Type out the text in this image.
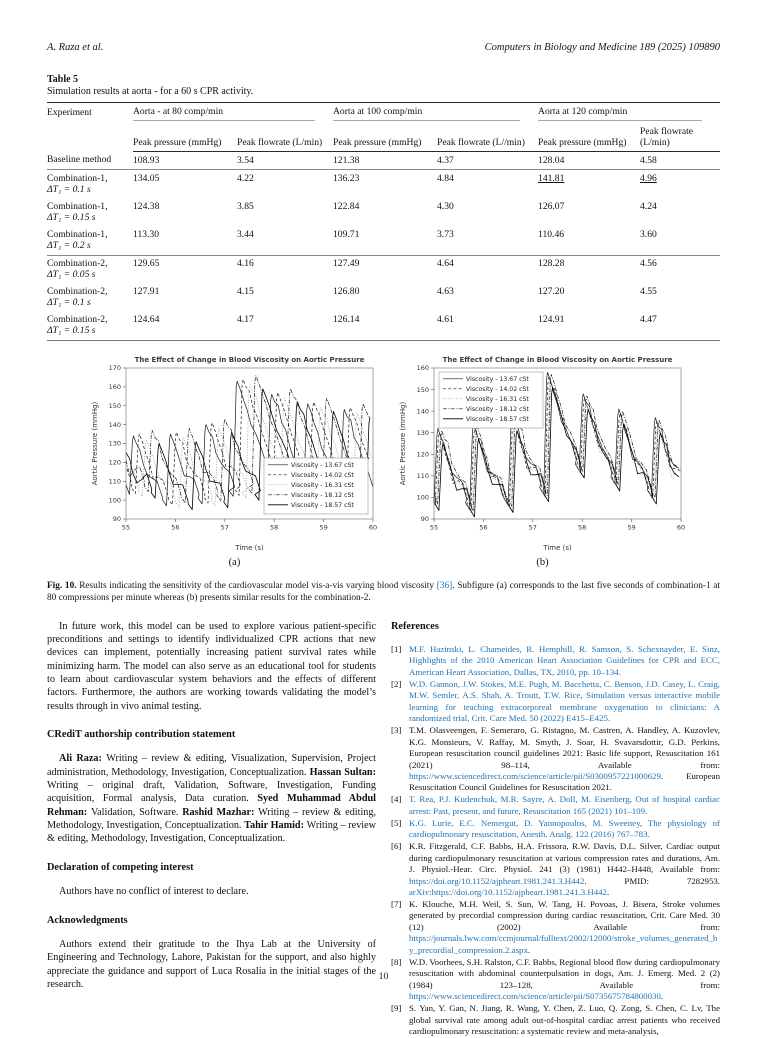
A. Raza et al.	Computers in Biology and Medicine 189 (2025) 109890
Table 5
Simulation results at aorta - for a 60 s CPR activity.
Experiment	Aorta - at 80 comp/min		Aorta at 100 comp/min		Aorta at 120 comp/min	

	Peak pressure (mmHg)	Peak flowrate (L/min)	Peak pressure (mmHg)	Peak flowrate (L//min)	Peak pressure (mmHg)	Peak flowrate (L/min)

Baseline method	108.93	3.54	121.38	4.37	128.04	4.58

Combination-1,
ΔT₁ = 0.1 s	134.05	4.22	136.23	4.84	141.81	4.96

Combination-1,
ΔT₁ = 0.15 s	124.38	3.85	122.84	4.30	126.07	4.24

Combination-1,
ΔT₁ = 0.2 s	113.30	3.44	109.71	3.73	110.46	3.60

Combination-2,
ΔT₁ = 0.05 s	129.65	4.16	127.49	4.64	128.28	4.56

Combination-2,
ΔT₁ = 0.1 s	127.91	4.15	126.80	4.63	127.20	4.55

Combination-2,
ΔT₁ = 0.15 s	124.64	4.17	126.14	4.61	124.91	4.47
55	56	57	58	59	60
90
100
110
120
130
140
150
160
170
The Effect of Change in Blood Viscosity on Aortic Pressure
Time (s)
Aortic Pressure (mmHg)	Viscosity - 13.67 cSt
Viscosity - 14.02 cSt
Viscosity - 16.31 cSt
Viscosity - 18.12 cSt
Viscosity - 18.57 cSt
(a)
55	56	57	58	59	60
90
100
110
120
130
140
150
160
The Effect of Change in Blood Viscosity on Aortic Pressure
Time (s)
Aortic Pressure (mmHg)
Viscosity - 13.67 cSt
Viscosity - 14.02 cSt
Viscosity - 16.31 cSt
Viscosity - 18.12 cSt
Viscosity - 18.57 cSt
(b)
Fig. 10. Results indicating the sensitivity of the cardiovascular model vis-a-vis varying blood viscosity [36]. Subfigure (a) corresponds to the last five seconds of combination-1 at 80 compressions per minute whereas (b) presents similar results for the combination-2.

In future work, this model can be used to explore various patient-specific preconditions and settings to identify individualized CPR actions that new devices can implement, potentially increasing patient survival rates while minimizing harm. The model can also serve as an educational tool for students to learn about cardiovascular system behaviors and the effects of different factors. Furthermore, the authors are working towards validating the model’s results through in vivo animal testing.

CRediT authorship contribution statement

Ali Raza: Writing – review & editing, Visualization, Supervision, Project administration, Methodology, Investigation, Conceptualization. Hassan Sultan: Writing – original draft, Validation, Software, Investigation, Funding acquisition, Formal analysis, Data curation. Syed Muhammad Abdul Rehman: Validation, Software. Rashid Mazhar: Writing – review & editing, Methodology, Investigation, Conceptualization. Tahir Hamid: Writing – review & editing, Methodology, Investigation, Conceptualization.

Declaration of competing interest

Authors have no conflict of interest to declare.

Acknowledgments

Authors extend their gratitude to the Ihya Lab at the University of Engineering and Technology, Lahore, Pakistan for the support, and also highly appreciate the guidance and support of Luca Rosalia in the initial stages of the research.

References
[1] M.F. Hazinski, L. Chameides, R. Hemphill, R. Samson, S. Schexnayder, E. Sinz, Highlights of the 2010 American Heart Association Guidelines for CPR and ECC, American Heart Association, Dallas, TX, 2010, pp. 10–134.
[2] W.D. Gannon, J.W. Stokes, M.E. Pugh, M. Bacchetta, C. Benson, J.D. Casey, L. Craig, M.W. Semler, A.S. Shah, A. Troutt, T.W. Rice, Simulation versus interactive mobile learning for teaching extracorporeal membrane oxygenation to clinicians: A randomized trial, Crit. Care Med. 50 (2022) E415–E425.
[3] T.M. Olasveengen, F. Semeraro, G. Ristagno, M. Castren, A. Handley, A. Kuzovlev, K.G. Monsieurs, V. Raffay, M. Smyth, J. Soar, H. Svavarsdottir, G.D. Perkins, European resuscitation council guidelines 2021: Basic life support, Resuscitation 161 (2021) 98–114, Available from: https://www.sciencedirect.com/science/article/pii/S0300957221000629. European Resuscitation Council Guidelines for Resuscitation 2021.
[4] T. Rea, P.J. Kudenchuk, M.R. Sayre, A. Doll, M. Eisenberg, Out of hospital cardiac arrest: Past, present, and future, Resuscitation 165 (2021) 101–109.
[5] K.G. Lurie, E.C. Nemergut, D. Yannopoulos, M. Sweeney, The physiology of cardiopulmonary resuscitation, Anesth. Analg. 122 (2016) 767–783.
[6] K.R. Fitzgerald, C.F. Babbs, H.A. Frissora, R.W. Davis, D.L. Silver, Cardiac output during cardiopulmonary resuscitation at various compression rates and durations, Am. J. Physiol.-Hear. Circ. Physiol. 241 (3) (1981) H442–H448, Available from: https://doi.org/10.1152/ajpheart.1981.241.3.H442. PMID: 7282953. arXiv:https://doi.org/10.1152/ajpheart.1981.241.3.H442.
[7] K. Klouche, M.H. Weil, S. Sun, W. Tang, H. Povoas, J. Bisera, Stroke volumes generated by precordial compression during cardiac resuscitation, Crit. Care Med. 30 (12) (2002) Available from: https://journals.lww.com/ccmjournal/fulltext/2002/12000/stroke_volumes_generated_by_precordial_compression.2.aspx.
[8] W.D. Voorhees, S.H. Ralston, C.F. Babbs, Regional blood flow during cardiopulmonary resuscitation with abdominal counterpulsation in dogs, Am. J. Emerg. Med. 2 (2) (1984) 123–128, Available from: https://www.sciencedirect.com/science/article/pii/S0735675784800030.
[9] S. Yan, Y. Gan, N. Jiang, R. Wang, Y. Chen, Z. Luo, Q. Zong, S. Chen, C. Lv, The global survival rate among adult out-of-hospital cardiac arrest patients who received cardiopulmonary resuscitation: a systematic review and meta-analysis,
10
